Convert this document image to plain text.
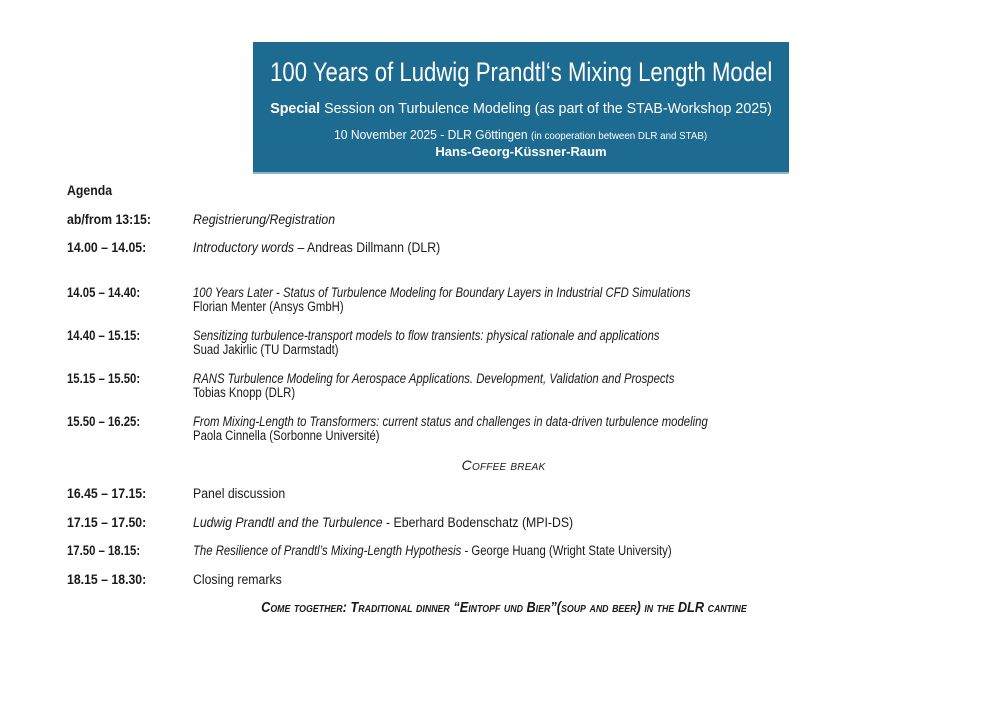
100 Years of Ludwig Prandtl‘s Mixing Length Model
Special Session on Turbulence Modeling (as part of the STAB-Workshop 2025)
10 November 2025 - DLR Göttingen (in cooperation between DLR and STAB)
Hans-Georg-Küssner-Raum
Agenda
ab/from 13:15:	Registrierung/Registration
14.00 – 14.05:	Introductory words – Andreas Dillmann (DLR)
14.05 – 14.40:	100 Years Later - Status of Turbulence Modeling for Boundary Layers in Industrial CFD Simulations
Florian Menter (Ansys GmbH)
14.40 – 15.15:	Sensitizing turbulence-transport models to flow transients: physical rationale and applications
Suad Jakirlic (TU Darmstadt)
15.15 – 15.50:	RANS Turbulence Modeling for Aerospace Applications. Development, Validation and Prospects
Tobias Knopp (DLR)
15.50 – 16.25:	From Mixing-Length to Transformers: current status and challenges in data-driven turbulence modeling
Paola Cinnella (Sorbonne Université)
Coffee break
16.45 – 17.15:	Panel discussion
17.15 – 17.50:	Ludwig Prandtl and the Turbulence - Eberhard Bodenschatz (MPI-DS)
17.50 – 18.15:	The Resilience of Prandtl’s Mixing-Length Hypothesis - George Huang (Wright State University)
18.15 – 18.30:	Closing remarks
Come together: Traditional dinner “Eintopf und Bier”(soup and beer) in the DLR cantine
